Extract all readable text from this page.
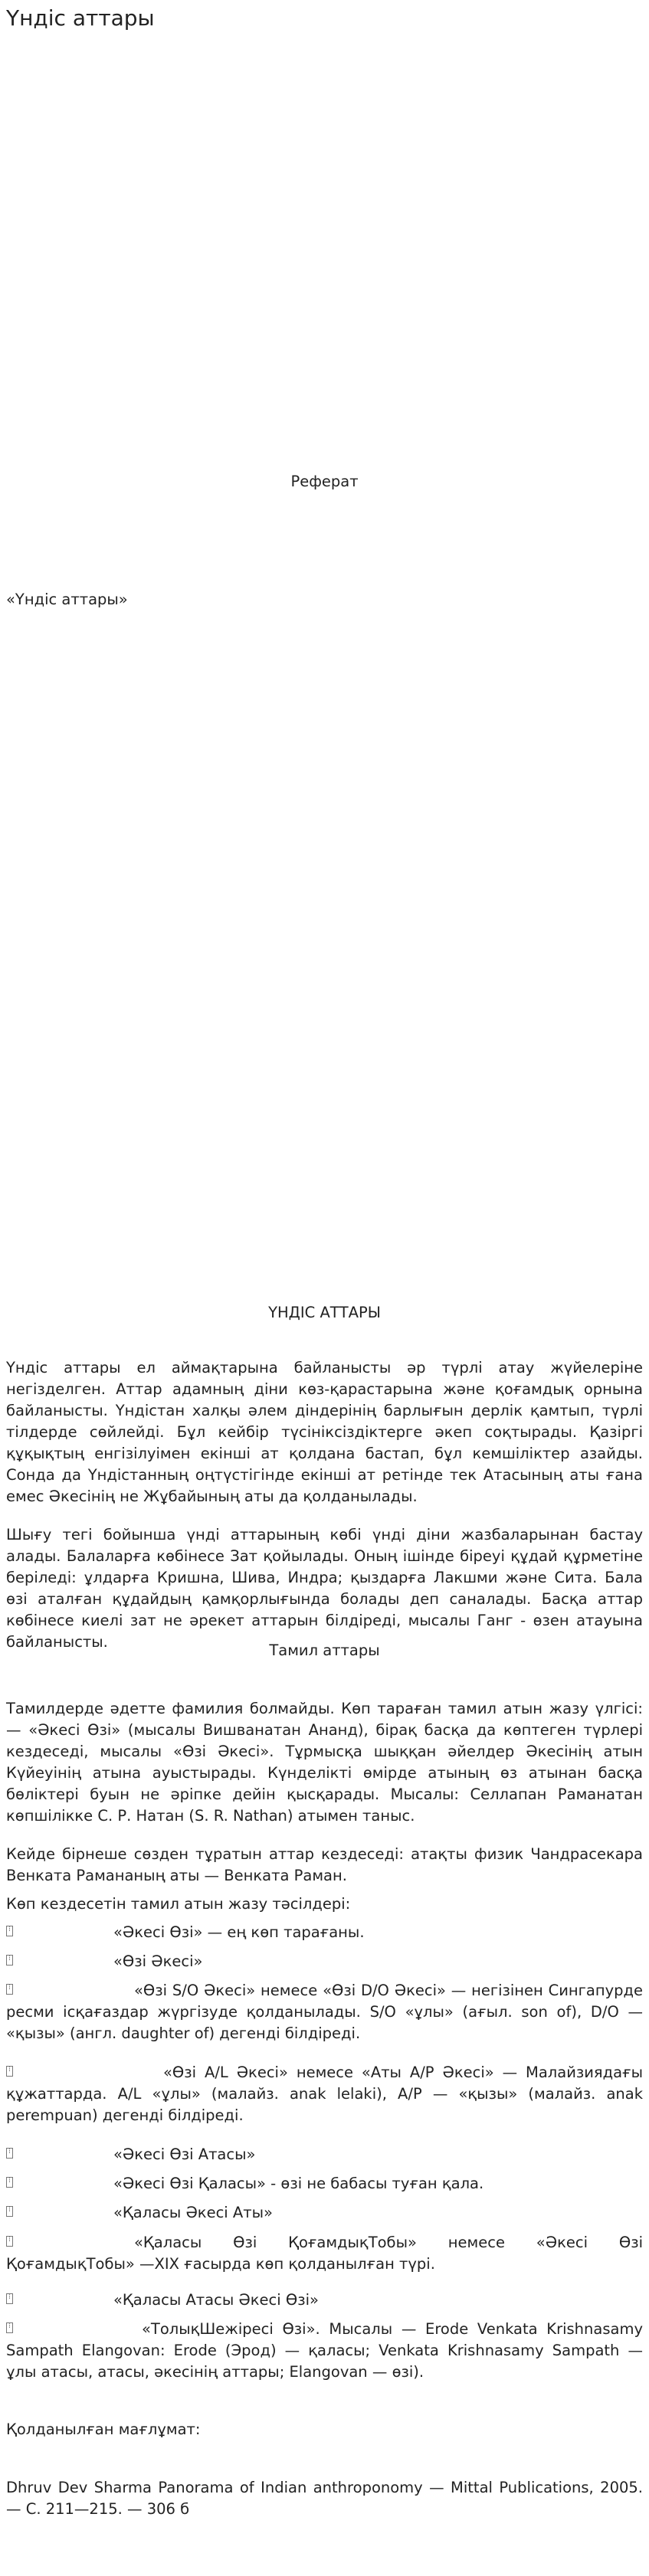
Үндіс аттары

Реферат

«Үндіс аттары»

ҮНДІС АТТАРЫ

Үндіс аттары ел аймақтарына байланысты әр түрлі атау жүйелеріне негізделген. Аттар адамның діни көз-қарастарына және қоғамдық орнына байланысты. Үндістан халқы әлем діндерінің барлығын дерлік қамтып, түрлі тілдерде сөйлейді. Бұл кейбір түсініксіздіктерге әкеп соқтырады. Қазіргі құқықтың енгізілуімен екінші ат қолдана бастап, бұл кемшіліктер азайды. Сонда да Үндістанның оңтүстігінде екінші ат ретінде тек Атасының аты ғана емес Әкесінің не Жұбайының аты да қолданылады.

Шығу тегі бойынша үнді аттарының көбі үнді діни жазбаларынан бастау алады. Балаларға көбінесе Зат қойылады. Оның ішінде біреуі құдай құрметіне беріледі: ұлдарға Кришна, Шива, Индра; қыздарға Лакшми және Сита. Бала өзі аталған құдайдың қамқорлығында болады деп саналады. Басқа аттар көбінесе киелі зат не әрекет аттарын білдіреді, мысалы Ганг - өзен атауына байланысты.	Тамил аттары

Тамилдерде әдетте фамилия болмайды. Көп тараған тамил атын жазу үлгісі: — «Әкесі Өзі» (мысалы Вишванатан Ананд), бірақ басқа да көптеген түрлері кездеседі, мысалы «Өзі Әкесі». Тұрмысқа шыққан әйелдер Әкесінің атын Күйеуінің атына ауыстырады. Күнделікті өмірде атының өз атынан басқа бөліктері буын не әріпке дейін қысқарады. Мысалы: Селлапан Раманатан көпшілікке С. Р. Натан (S. R. Nathan) атымен таныс.

Кейде бірнеше сөзден тұратын аттар кездеседі: атақты физик Чандрасекара Венката Рамананың аты — Венката Раман.

Көп кездесетін тамил атын жазу тәсілдері:

⁞	«Әкесі Өзі» — ең көп тарағаны.

⁞	«Өзі Әкесі»

⁞	«Өзі S/O Әкесі» немесе «Өзі D/O Әкесі» — негізінен Сингапурде ресми ісқағаздар жүргізуде қолданылады. S/O «ұлы» (ағыл. son of), D/O — «қызы» (англ. daughter of) дегенді білдіреді.

⁞	«Өзі A/L Әкесі» немесе «Аты A/P Әкесі» — Малайзиядағы құжаттарда. A/L «ұлы» (малайз. anak lelaki), A/P — «қызы» (малайз. anak perempuan) дегенді білдіреді.

⁞	«Әкесі Өзі Атасы»

⁞	«Әкесі Өзі Қаласы» - өзі не бабасы туған қала.

⁞	«Қаласы Әкесі Аты»

⁞	«Қаласы Өзі ҚоғамдықТобы» немесе «Әкесі Өзі ҚоғамдықТобы» —XIX ғасырда көп қолданылған түрі.

⁞	«Қаласы Атасы Әкесі Өзі»

⁞	«ТолықШежіресі Өзі». Мысалы — Erode Venkata Krishnasamy Sampath Elangovan: Erode (Эрод) — қаласы; Venkata Krishnasamy Sampath — ұлы атасы, атасы, әкесінің аттары; Elangovan — өзі).

Қолданылған мағлұмат:

Dhruv Dev Sharma Panorama of Indian anthroponomy — Mittal Publications, 2005. — С. 211—215. — 306 б
